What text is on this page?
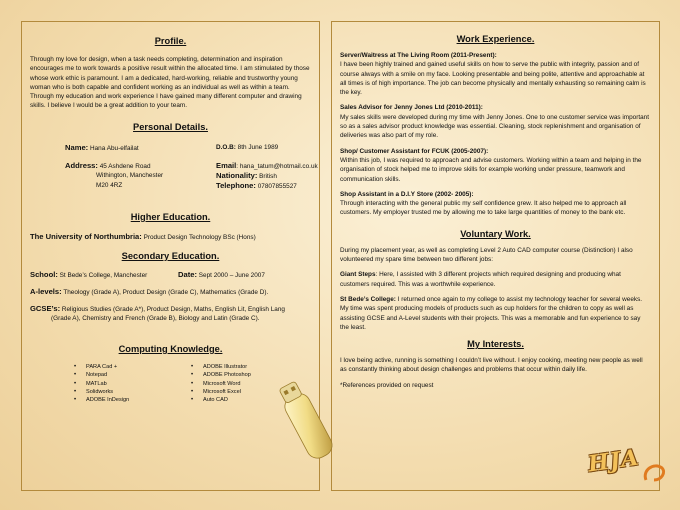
Profile.

Through my love for design, when a task needs completing, determination and inspiration encourages me to work towards a positive result within the allocated time. I am stimulated by those whose work ethic is paramount. I am a dedicated, hard-working, reliable and trustworthy young woman who is both capable and confident working as an individual as well as within a team. Through my education and work experience I have gained many different computer and drawing skills. I believe I would be a great addition to your team.

Personal Details.
Name: Hana Abu-elfailat	D.O.B: 8th June 1989
Address: 45 Ashdene Road	Email: hana_tatum@hotmail.co.uk
Withington, Manchester	Nationality: British
M20 4RZ	Telephone: 07807855527
Higher Education.
The University of Northumbria: Product Design Technology BSc (Hons)
Secondary Education.
School: St Bede’s College, Manchester	Date: Sept 2000 – June 2007
A-levels: Theology (Grade A), Product Design (Grade C), Mathematics (Grade D).
GCSE’s: Religious Studies (Grade A*), Product Design, Maths, English Lit, English Lang
(Grade A), Chemistry and French (Grade B), Biology and Latin (Grade C).
Computing Knowledge.
• PARA Cad +
• Notepad
• MATLab
• Solidworks
• ADOBE InDesign
• ADOBE Illustrator
• ADOBE Photoshop
• Microsoft Word
• Microsoft Excel
• Auto CAD
Work Experience.

Server/Waitress at The Living Room (2011-Present):

I have been highly trained and gained useful skills on how to serve the public with integrity, passion and of course always with a smile on my face. Looking presentable and being polite, attentive and approachable at all times is of high importance. The job can become physically and mentally exhausting so remaining calm is the key.

Sales Advisor for Jenny Jones Ltd (2010-2011):

My sales skills were developed during my time with Jenny Jones. One to one customer service was important so as a sales advisor product knowledge was essential. Cleaning, stock replenishment and organisation of deliveries was also part of my role.

Shop/ Customer Assistant for FCUK (2005-2007):

Within this job, I was required to approach and advise customers. Working within a team and helping in the organisation of stock helped me to improve skills for example working under pressure, teamwork and communication skills.

Shop Assistant in a D.I.Y Store (2002- 2005):

Through interacting with the general public my self confidence grew. It also helped me to approach all customers. My employer trusted me by allowing me to take large quantities of money to the bank etc.

Voluntary Work.

During my placement year, as well as completing Level 2 Auto CAD computer course (Distinction) I also volunteered my spare time between two different jobs:

Giant Steps: Here, I assisted with 3 different projects which required designing and producing what customers required. This was a worthwhile experience.

St Bede’s College: I returned once again to my college to assist my technology teacher for several weeks. My time was spent producing models of products such as cup holders for the children to copy as well as assisting GCSE and A-Level students with their projects. This was a memorable and fun experience to say the least.

My Interests.

I love being active, running is something I couldn’t live without. I enjoy cooking, meeting new people as well as constantly thinking about design challenges and problems that occur within daily life.

*References provided on request

HJA
